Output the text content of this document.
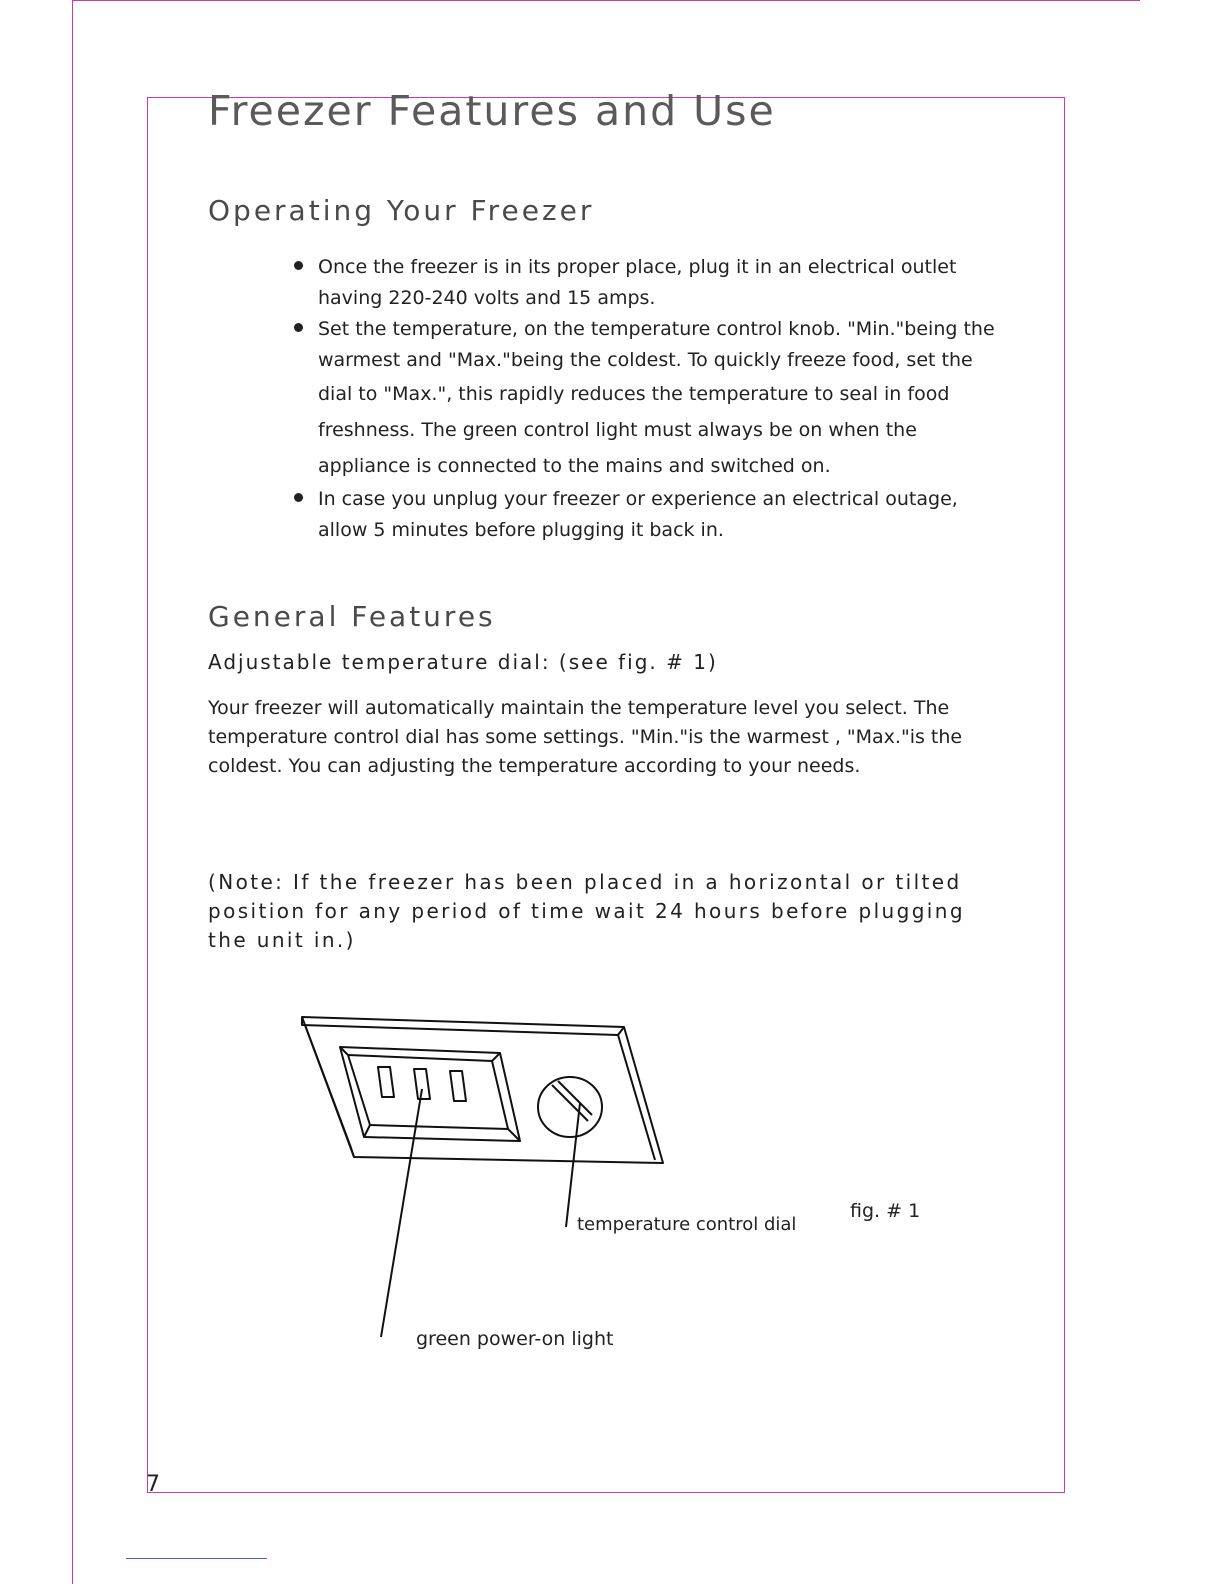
Freezer Features and Use
Operating Your Freezer
Once the freezer is in its proper place, plug it in an electrical outlet
having 220-240 volts and 15 amps.
Set the temperature, on the temperature control knob. "Min."being the
warmest and "Max."being the coldest. To quickly freeze food, set the
dial to "Max.", this rapidly reduces the temperature to seal in food
freshness. The green control light must always be on when the
appliance is connected to the mains and switched on.
In case you unplug your freezer or experience an electrical outage,
allow 5 minutes before plugging it back in.
General Features

Adjustable temperature dial: (see fig. # 1)

Your freezer will automatically maintain the temperature level you select. The temperature control dial has some settings. "Min."is the warmest , "Max."is the coldest. You can adjusting the temperature according to your needs.

(Note: If the freezer has been placed in a horizontal or tilted position for any period of time wait 24 hours before plugging the unit in.)

temperature control dial

fig. # 1

green power-on light

7
